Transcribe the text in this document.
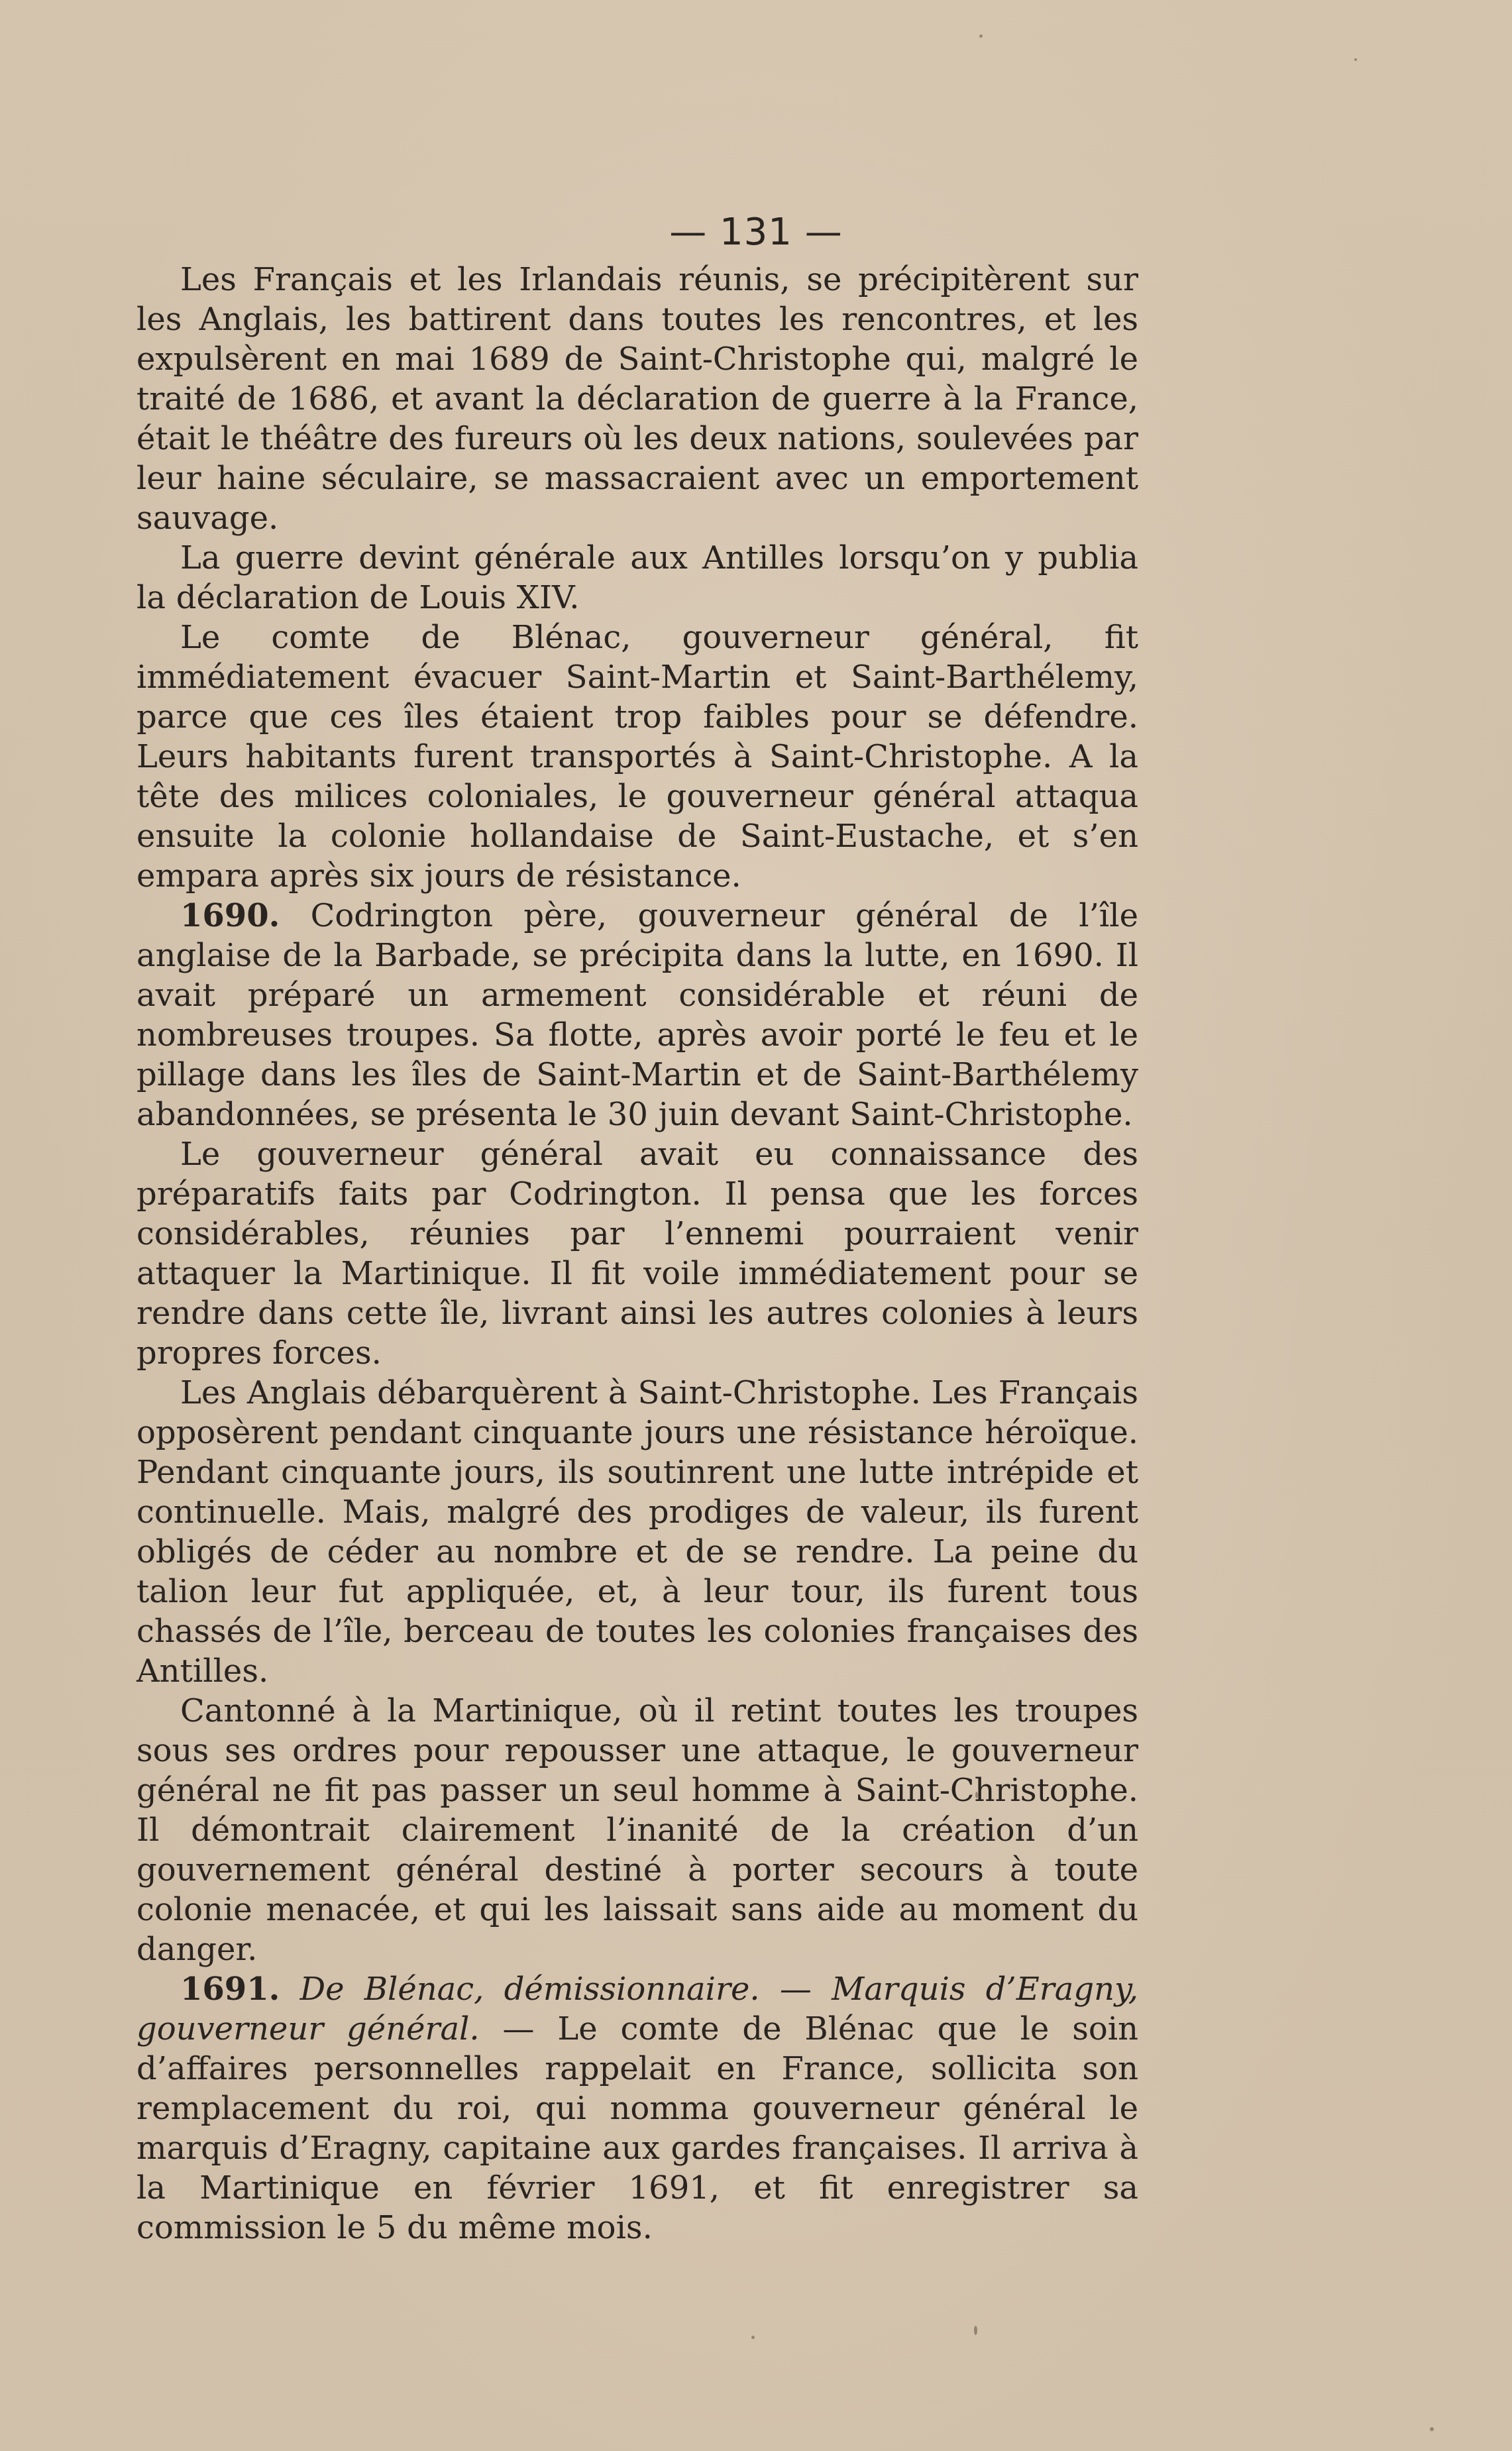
— 131 —

Les Français et les Irlandais réunis, se précipitèrent sur les Anglais, les battirent dans toutes les rencontres, et les expulsèrent en mai 1689 de Saint-Christophe qui, malgré le traité de 1686, et avant la déclaration de guerre à la France, était le théâtre des fureurs où les deux nations, soulevées par leur haine séculaire, se massacraient avec un emportement sauvage.

La guerre devint générale aux Antilles lorsqu’on y publia la déclaration de Louis XIV.

Le comte de Blénac, gouverneur général, fit immédiatement évacuer Saint-Martin et Saint-Barthélemy, parce que ces îles étaient trop faibles pour se défendre. Leurs habitants furent transportés à Saint-Christophe. A la tête des milices coloniales, le gouverneur général attaqua ensuite la colonie hollandaise de Saint-Eustache, et s’en empara après six jours de résistance.

1690. Codrington père, gouverneur général de l’île anglaise de la Barbade, se précipita dans la lutte, en 1690. Il avait préparé un armement considérable et réuni de nombreuses troupes. Sa flotte, après avoir porté le feu et le pillage dans les îles de Saint-Martin et de Saint-Barthélemy abandonnées, se présenta le 30 juin devant Saint-Christophe.

Le gouverneur général avait eu connaissance des préparatifs faits par Codrington. Il pensa que les forces considérables, réunies par l’ennemi pourraient venir attaquer la Martinique. Il fit voile immédiatement pour se rendre dans cette île, livrant ainsi les autres colonies à leurs propres forces.

Les Anglais débarquèrent à Saint-Christophe. Les Français opposèrent pendant cinquante jours une résistance héroïque. Pendant cinquante jours, ils soutinrent une lutte intrépide et continuelle. Mais, malgré des prodiges de valeur, ils furent obligés de céder au nombre et de se rendre. La peine du talion leur fut appliquée, et, à leur tour, ils furent tous chassés de l’île, berceau de toutes les colonies françaises des Antilles.

Cantonné à la Martinique, où il retint toutes les troupes sous ses ordres pour repousser une attaque, le gouverneur général ne fit pas passer un seul homme à Saint-Christophe. Il démontrait clairement l’inanité de la création d’un gouvernement général destiné à porter secours à toute colonie menacée, et qui les laissait sans aide au moment du danger.

1691. De Blénac, démissionnaire. — Marquis d’Eragny, gouverneur général. — Le comte de Blénac que le soin d’affaires personnelles rappelait en France, sollicita son remplacement du roi, qui nomma gouverneur général le marquis d’Eragny, capitaine aux gardes françaises. Il arriva à la Martinique en février 1691, et fit enregistrer sa commission le 5 du même mois.
